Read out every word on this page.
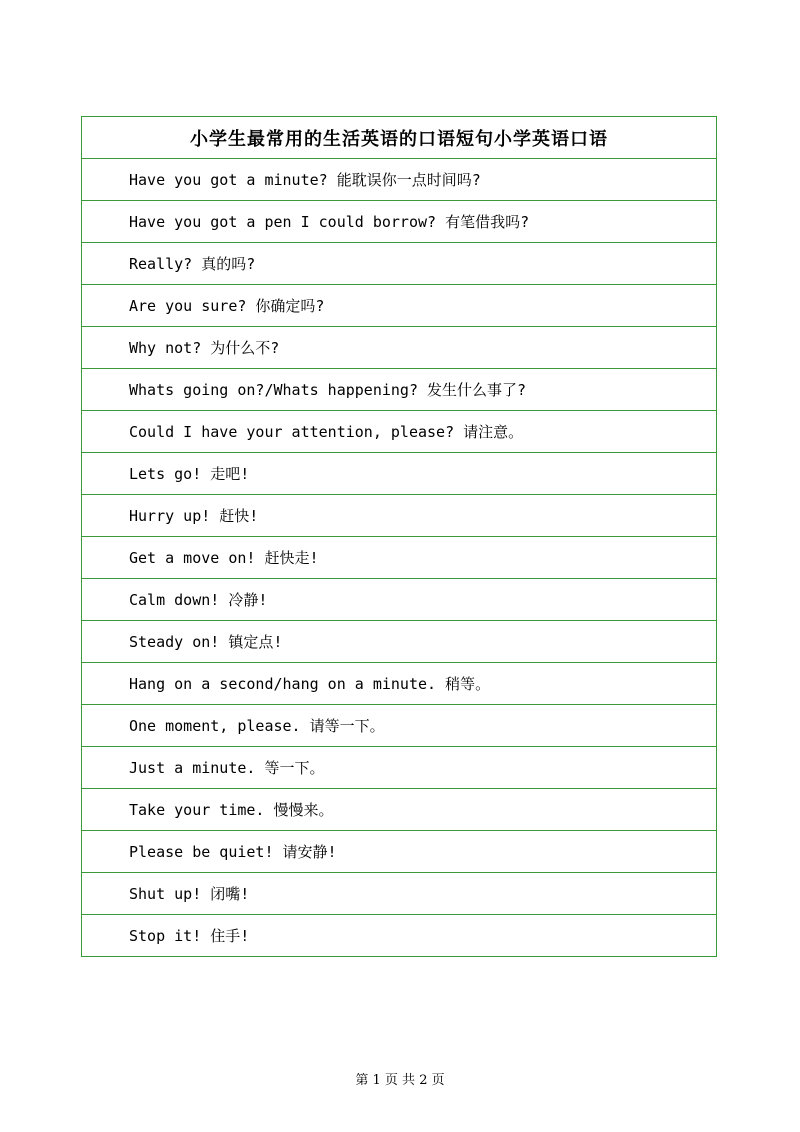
小学生最常用的生活英语的口语短句小学英语口语
Have you got a minute? 能耽误你一点时间吗?
Have you got a pen I could borrow? 有笔借我吗?
Really? 真的吗?
Are you sure? 你确定吗?
Why not? 为什么不?
Whats going on?/Whats happening? 发生什么事了?
Could I have your attention, please? 请注意。
Lets go! 走吧!
Hurry up! 赶快!
Get a move on! 赶快走!
Calm down! 冷静!
Steady on! 镇定点!
Hang on a second/hang on a minute. 稍等。
One moment, please. 请等一下。
Just a minute. 等一下。
Take your time. 慢慢来。
Please be quiet! 请安静!
Shut up! 闭嘴!
Stop it! 住手!
第 1 页 共 2 页
